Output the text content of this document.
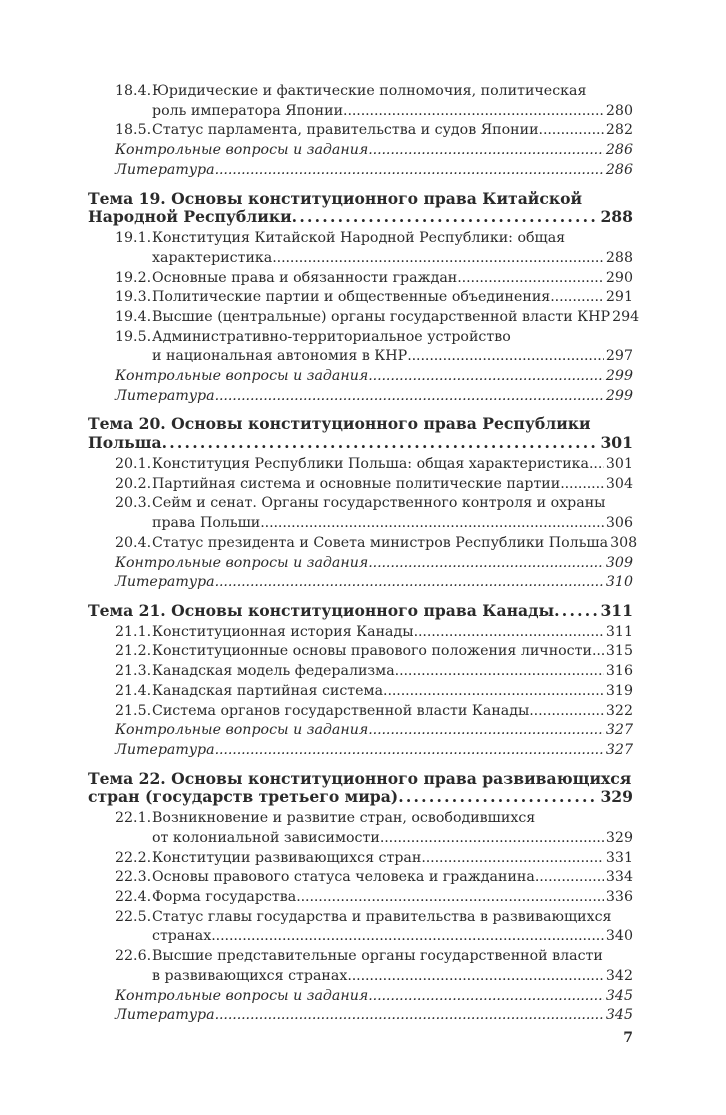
18.4. Юридические и фактические полномочия, политическая
роль императора Японии . . .	280
18.5. Статус парламента, правительства и судов Японии . . .	282
Контрольные вопросы и задания . . .	286
Литература . . .	286
Тема 19. Основы конституционного права Китайской
Народной Республики . . .	288
19.1. Конституция Китайской Народной Республики: общая
характеристика . . .	288
19.2. Основные права и обязанности граждан . . .	290
19.3. Политические партии и общественные объединения . . .	291
19.4. Высшие (центральные) органы государственной власти КНР 294
19.5. Административно-территориальное устройство
и национальная автономия в КНР . . .	297
Контрольные вопросы и задания . . .	299
Литература . . .	299
Тема 20. Основы конституционного права Республики
Польша . . .	301
20.1. Конституция Республики Польша: общая характеристика . . . 301
20.2. Партийная система и основные политические партии . . .	304
20.3. Сейм и сенат. Органы государственного контроля и охраны
права Польши . . .	306
20.4. Статус президента и Совета министров Республики Польша 308
Контрольные вопросы и задания . . .	309
Литература . . .	310
Тема 21. Основы конституционного права Канады . . .	311
21.1. Конституционная история Канады . . .	311
21.2. Конституционные основы правового положения личности . . . 315
21.3. Канадская модель федерализма . . .	316
21.4. Канадская партийная система . . .	319
21.5. Система органов государственной власти Канады . . .	322
Контрольные вопросы и задания . . .	327
Литература . . .	327
Тема 22. Основы конституционного права развивающихся
стран (государств третьего мира) . . .	329
22.1. Возникновение и развитие стран, освободившихся
от колониальной зависимости . . .	329
22.2. Конституции развивающихся стран . . .	331
22.3. Основы правового статуса человека и гражданина . . .	334
22.4. Форма государства . . .	336
22.5. Статус главы государства и правительства в развивающихся
странах . . .	340
22.6. Высшие представительные органы государственной власти
в развивающихся странах . . .	342
Контрольные вопросы и задания . . .	345
Литература . . .	345
7
